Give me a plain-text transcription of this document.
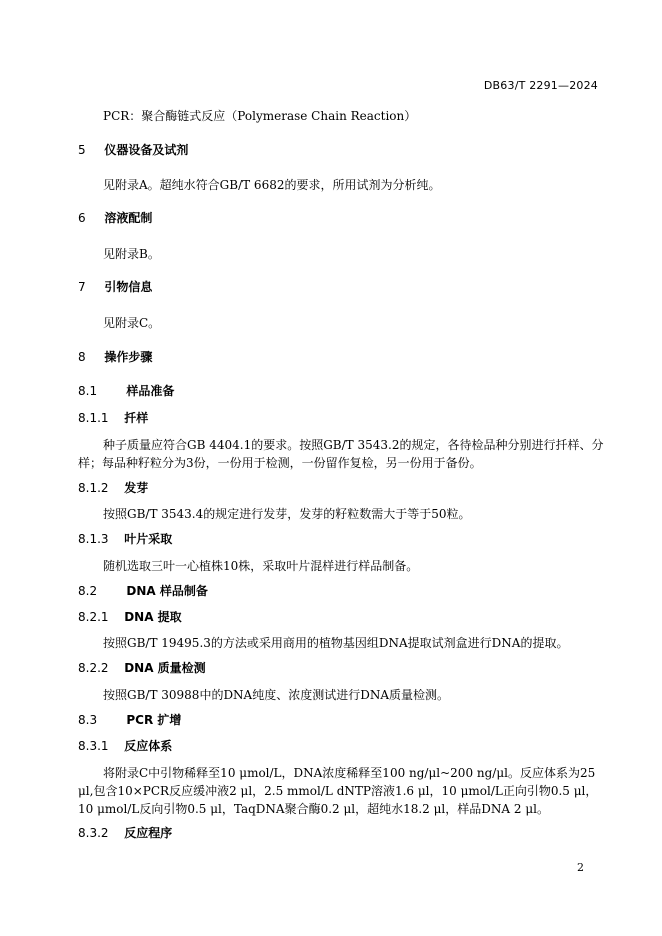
DB63/T 2291—2024
PCR：聚合酶链式反应（Polymerase Chain Reaction）
5 仪器设备及试剂
见附录A。超纯水符合GB/T 6682的要求，所用试剂为分析纯。
6 溶液配制
见附录B。
7 引物信息
见附录C。
8 操作步骤
8.1 样品准备
8.1.1 扦样
种子质量应符合GB 4404.1的要求。按照GB/T 3543.2的规定，各待检品种分别进行扦样、分样；每品种籽粒分为3份，一份用于检测，一份留作复检，另一份用于备份。
8.1.2 发芽
按照GB/T 3543.4的规定进行发芽，发芽的籽粒数需大于等于50粒。
8.1.3 叶片采取
随机选取三叶一心植株10株，采取叶片混样进行样品制备。
8.2 DNA 样品制备
8.2.1 DNA 提取
按照GB/T 19495.3的方法或采用商用的植物基因组DNA提取试剂盒进行DNA的提取。
8.2.2 DNA 质量检测
按照GB/T 30988中的DNA纯度、浓度测试进行DNA质量检测。
8.3 PCR 扩增
8.3.1 反应体系
将附录C中引物稀释至10 μmol/L，DNA浓度稀释至100 ng/μl~200 ng/μl。反应体系为25 μl,包含10×PCR反应缓冲液2 μl，2.5 mmol/L dNTP溶液1.6 μl，10 μmol/L正向引物0.5 μl，10 μmol/L反向引物0.5 μl，TaqDNA聚合酶0.2 μl，超纯水18.2 μl，样品DNA 2 μl。
8.3.2 反应程序
2
